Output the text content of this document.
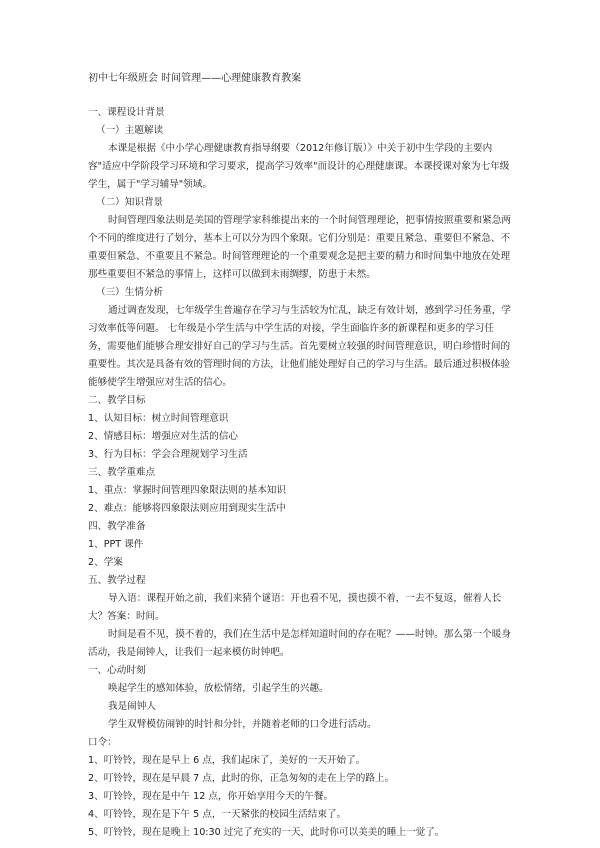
初中七年级班会 时间管理——心理健康教育教案

一、课程设计背景

（一）主题解读

本课是根据《中小学心理健康教育指导纲要（2012年修订版）》中关于初中生学段的主要内容"适应中学阶段学习环境和学习要求，提高学习效率"而设计的心理健康课。本课授课对象为七年级学生，属于"学习辅导"领域。

（二）知识背景

时间管理四象法则是美国的管理学家科维提出来的一个时间管理理论，把事情按照重要和紧急两个不同的维度进行了划分，基本上可以分为四个象限。它们分别是：重要且紧急、重要但不紧急、不重要但紧急、不重要且不紧急。时间管理理论的一个重要观念是把主要的精力和时间集中地放在处理那些重要但不紧急的事情上，这样可以做到未雨绸缪，防患于未然。

（三）生情分析

通过调查发现，七年级学生普遍存在学习与生活较为忙乱，缺乏有效计划，感到学习任务重，学习效率低等问题。 七年级是小学生活与中学生活的对接，学生面临许多的新课程和更多的学习任务，需要他们能够合理安排好自己的学习与生活。首先要树立较强的时间管理意识，明白珍惜时间的重要性。其次是具备有效的管理时间的方法，让他们能处理好自己的学习与生活。最后通过积极体验能够使学生增强应对生活的信心。

二、教学目标

1、认知目标：树立时间管理意识

2、情感目标：增强应对生活的信心

3、行为目标：学会合理规划学习生活

三、教学重难点

1、重点：掌握时间管理四象限法则的基本知识

2、难点：能够将四象限法则应用到现实生活中

四、教学准备

1、PPT 课件

2、学案

五、教学过程

导入语：课程开始之前，我们来猜个谜语：开也看不见，摸也摸不着，一去不复返，催着人长大？答案：时间。

时间是看不见，摸不着的，我们在生活中是怎样知道时间的存在呢？——时钟。那么第一个暖身活动，我是闹钟人，让我们一起来模仿时钟吧。

一、心动时刻

唤起学生的感知体验，放松情绪，引起学生的兴趣。

我是闹钟人

学生双臂模仿闹钟的时针和分针，并随着老师的口令进行活动。

口令：

1、叮铃铃，现在是早上 6 点，我们起床了，美好的一天开始了。

2、叮铃铃，现在是早晨 7 点，此时的你，正急匆匆的走在上学的路上。

3、叮铃铃，现在是中午 12 点，你开始享用今天的午餐。

4、叮铃铃，现在是下午 5 点，一天紧张的校园生活结束了。

5、叮铃铃，现在是晚上 10:30 过完了充实的一天，此时你可以美美的睡上一觉了。
